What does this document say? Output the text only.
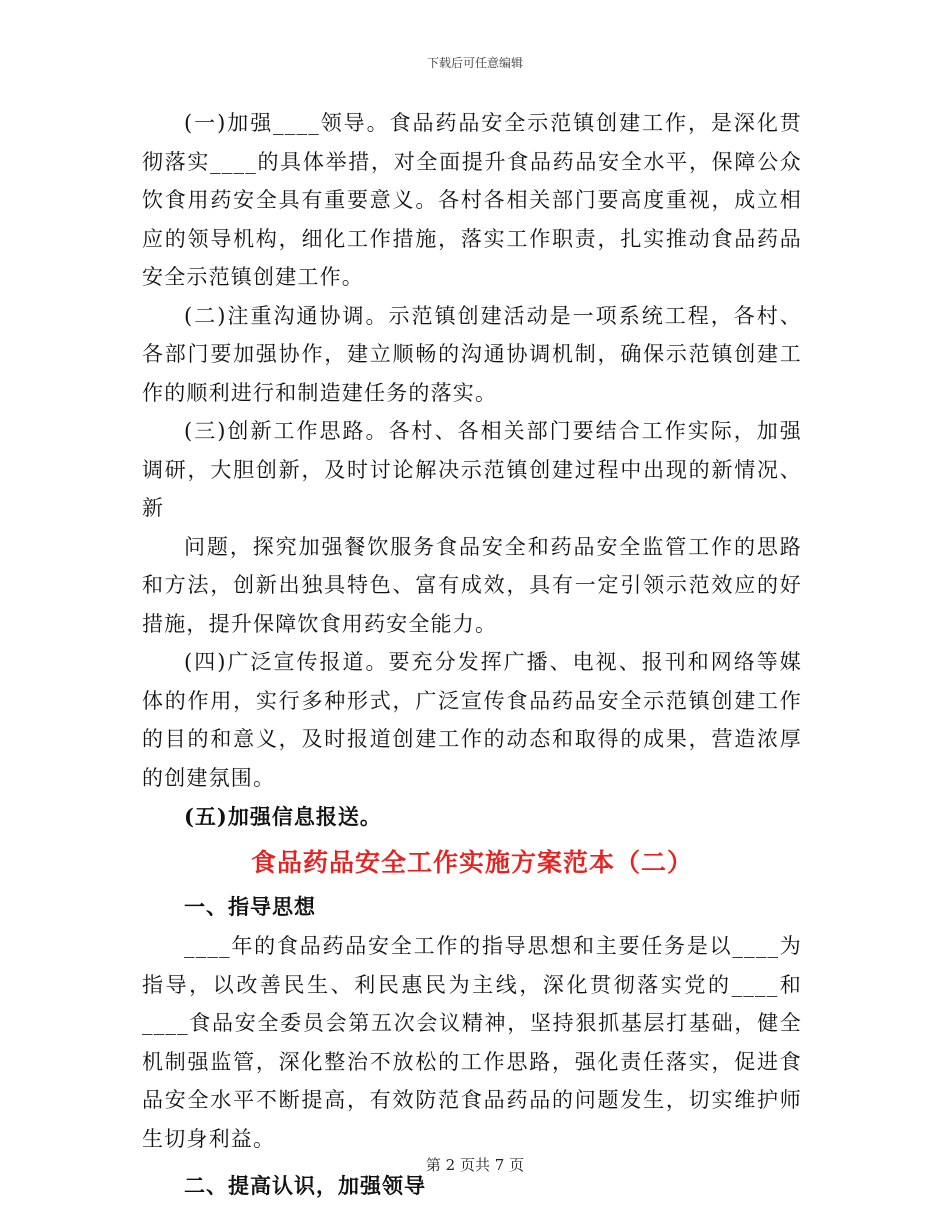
下载后可任意编辑

(一)加强____领导。食品药品安全示范镇创建工作，是深化贯彻落实____的具体举措，对全面提升食品药品安全水平，保障公众饮食用药安全具有重要意义。各村各相关部门要高度重视，成立相应的领导机构，细化工作措施，落实工作职责，扎实推动食品药品安全示范镇创建工作。

(二)注重沟通协调。示范镇创建活动是一项系统工程，各村、各部门要加强协作，建立顺畅的沟通协调机制，确保示范镇创建工作的顺利进行和制造建任务的落实。

(三)创新工作思路。各村、各相关部门要结合工作实际，加强调研，大胆创新，及时讨论解决示范镇创建过程中出现的新情况、新

问题，探究加强餐饮服务食品安全和药品安全监管工作的思路和方法，创新出独具特色、富有成效，具有一定引领示范效应的好措施，提升保障饮食用药安全能力。

(四)广泛宣传报道。要充分发挥广播、电视、报刊和网络等媒体的作用，实行多种形式，广泛宣传食品药品安全示范镇创建工作的目的和意义，及时报道创建工作的动态和取得的成果，营造浓厚的创建氛围。

(五)加强信息报送。

食品药品安全工作实施方案范本（二）

一、指导思想

____年的食品药品安全工作的指导思想和主要任务是以____为指导，以改善民生、利民惠民为主线，深化贯彻落实党的____和____食品安全委员会第五次会议精神，坚持狠抓基层打基础，健全机制强监管，深化整治不放松的工作思路，强化责任落实，促进食品安全水平不断提高，有效防范食品药品的问题发生，切实维护师生切身利益。

二、提高认识，加强领导

第 2 页共 7 页
